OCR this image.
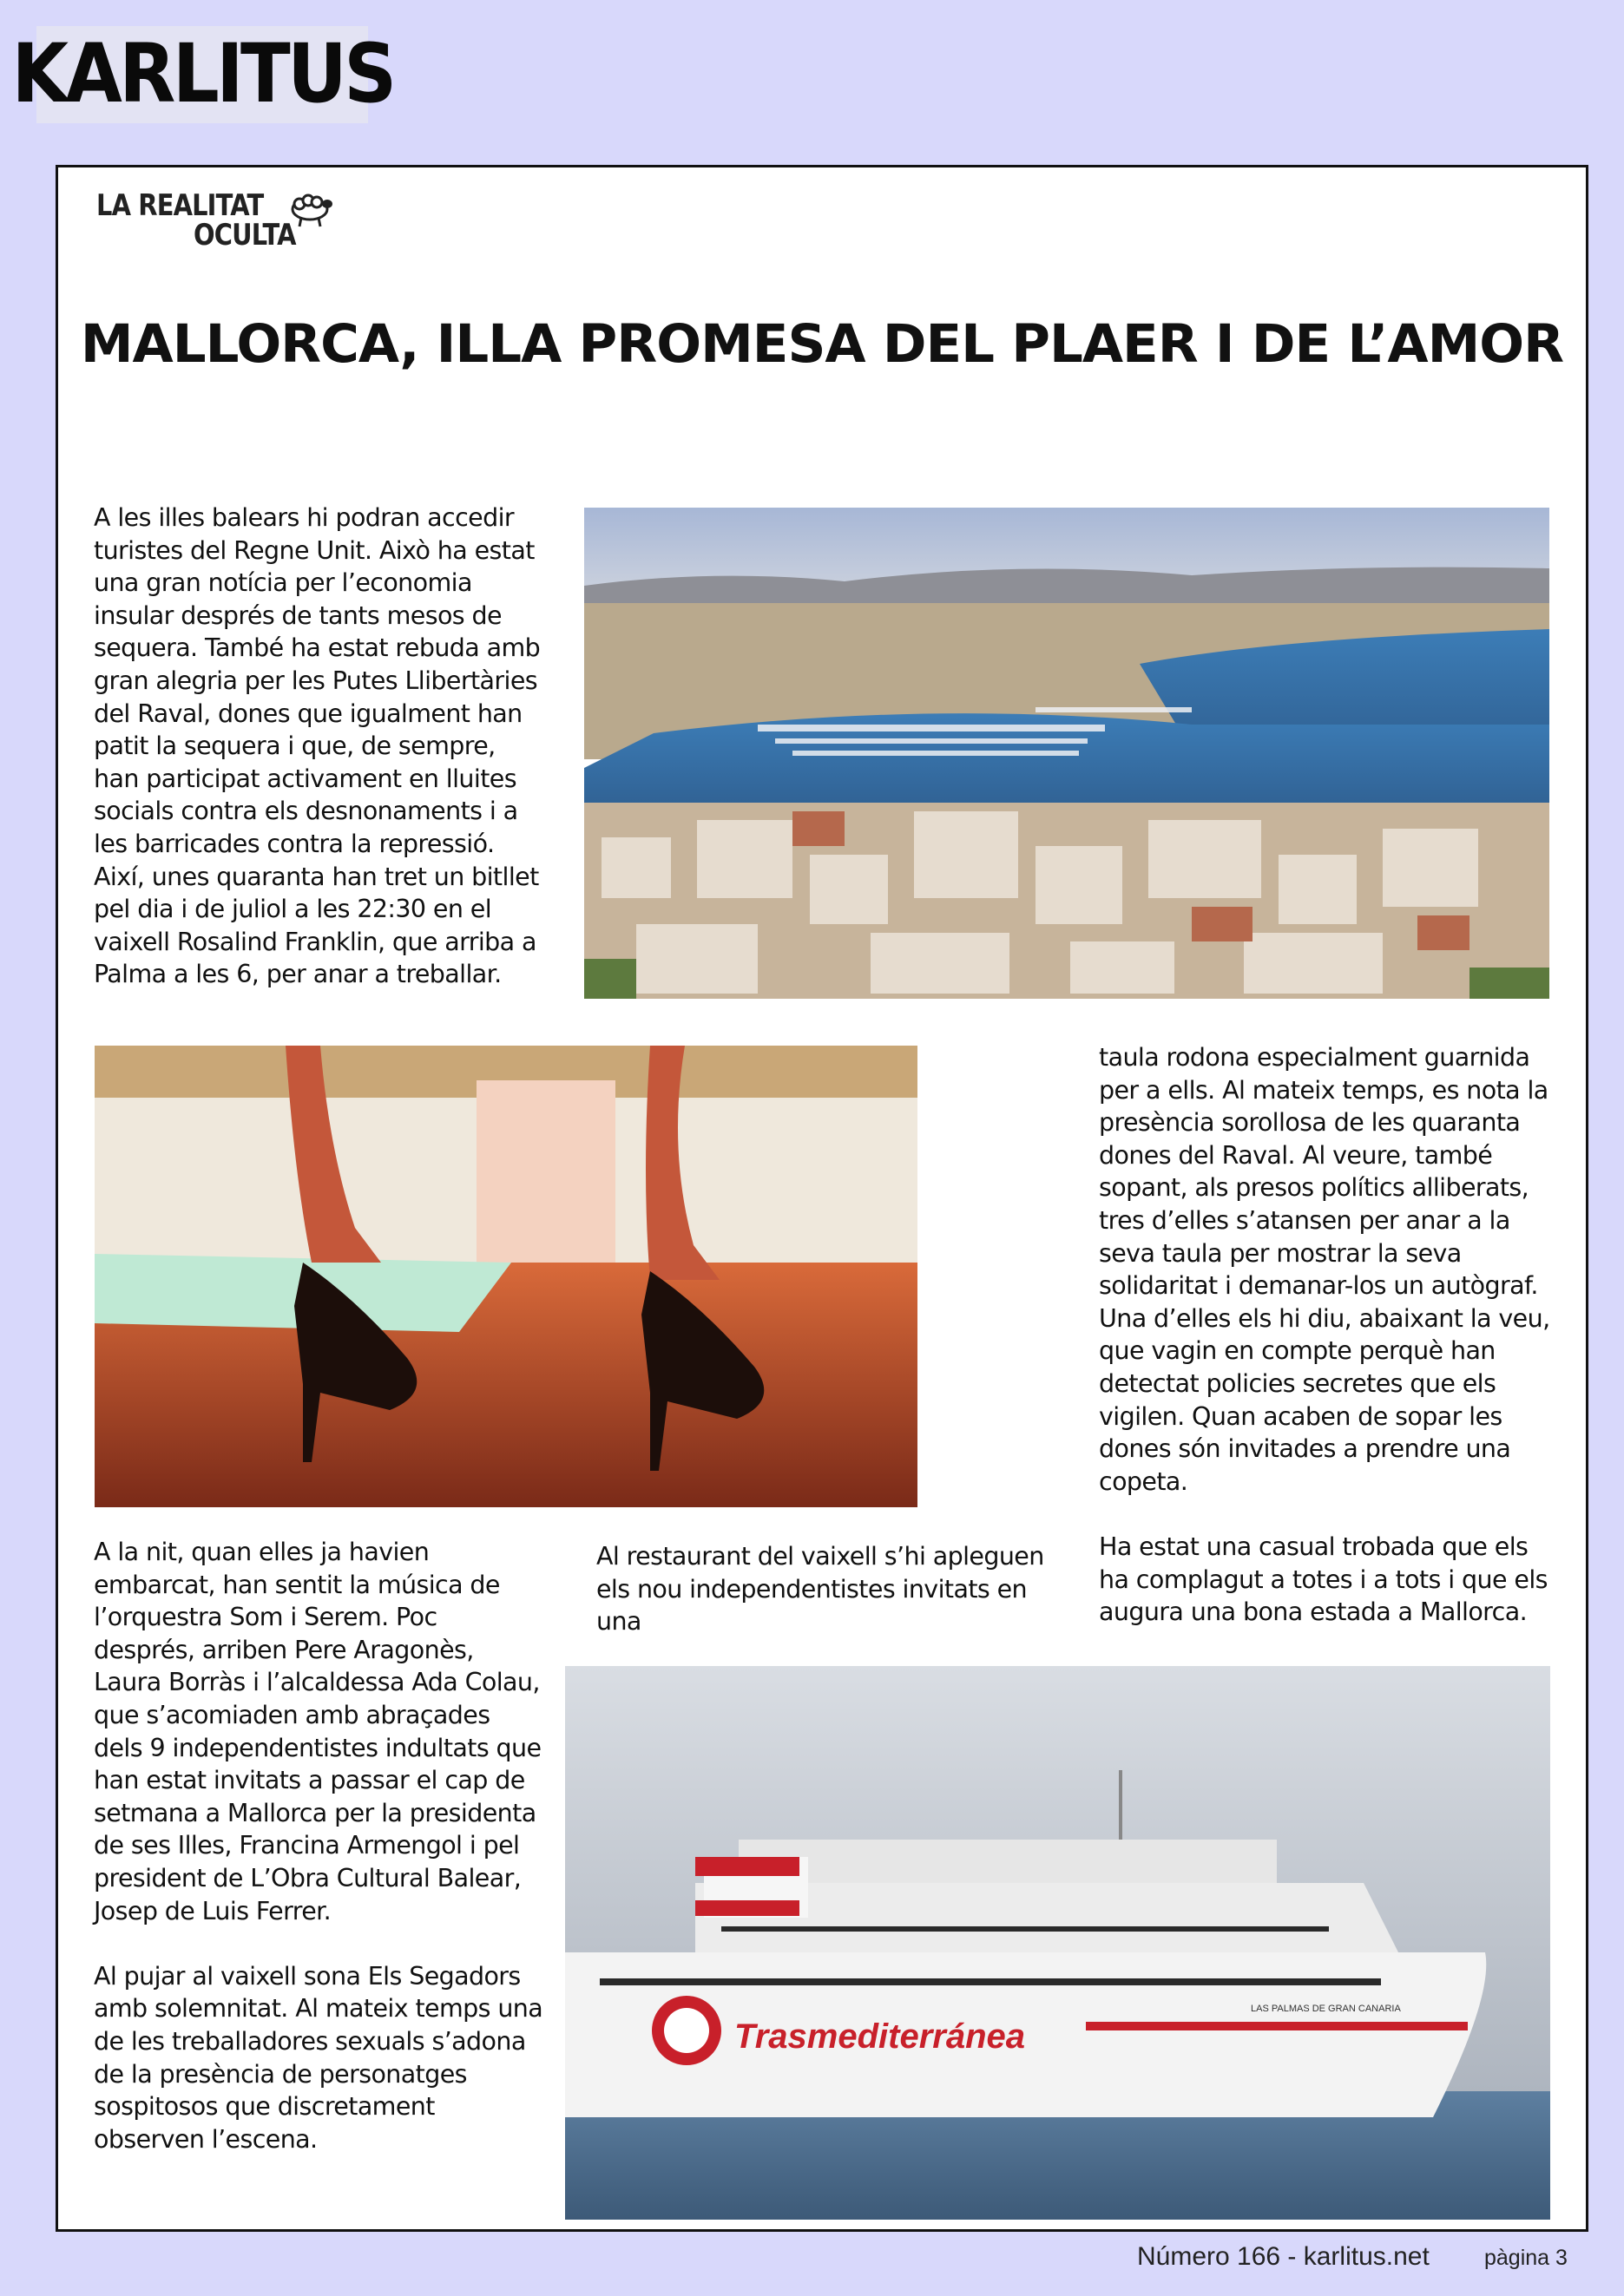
KARLITUS
LA REALITAT
OCULTA
MALLORCA, ILLA PROMESA DEL PLAER I DE L’AMOR

A les illes balears hi podran accedir turistes del Regne Unit. Això ha estat una gran notícia per l’economia insular després de tants mesos de sequera. També ha estat rebuda amb gran alegria per les Putes Llibertàries del Raval, dones que igualment han patit la sequera i que, de sempre, han participat activament en lluites socials contra els desnonaments i a les barricades contra la repressió. Així, unes quaranta han tret un bitllet pel dia i de juliol a les 22:30 en el vaixell Rosalind Franklin, que arriba a Palma a les 6, per anar a treballar.

taula rodona especialment guarnida per a ells. Al mateix temps, es nota la presència sorollosa de les quaranta dones del Raval. Al veure, també sopant, als presos polítics alliberats, tres d’elles s’atansen per anar a la seva taula per mostrar la seva solidaritat i demanar-los un autògraf. Una d’elles els hi diu, abaixant la veu, que vagin en compte perquè han detectat policies secretes que els vigilen. Quan acaben de sopar les dones són invitades a prendre una copeta.

Ha estat una casual trobada que els ha complagut a totes i a tots i que els augura una bona estada a Mallorca.

A la nit, quan elles ja havien embarcat, han sentit la música de l’orquestra Som i Serem. Poc després, arriben Pere Aragonès, Laura Borràs i l’alcaldessa Ada Colau, que s’acomiaden amb abraçades dels 9 independentistes indultats que han estat invitats a passar el cap de setmana a Mallorca per la presidenta de ses Illes, Francina Armengol i pel president de L’Obra Cultural Balear, Josep de Luis Ferrer.

Al pujar al vaixell sona Els Segadors amb solemnitat. Al mateix temps una de les treballadores sexuals s’adona de la presència de personatges sospitosos que discretament observen l’escena.

Al restaurant del vaixell s’hi apleguen els nou independentistes invitats en una

Trasmediterránea
LAS PALMAS DE GRAN CANARIA
Número 166 - karlitus.net	pàgina 3
